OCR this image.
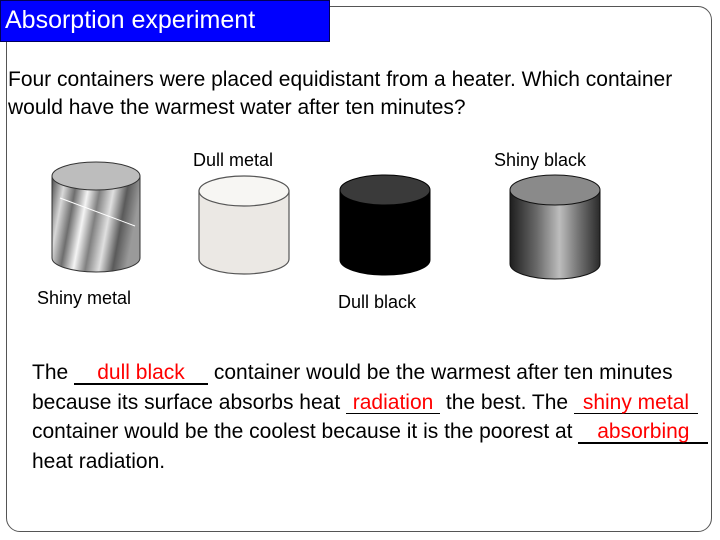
Absorption experiment
Four containers were placed equidistant from a heater. Which container would have the warmest water after ten minutes?
Dull metal	Shiny black
Shiny metal	Dull black
The dull black container would be the warmest after ten minutes because its surface absorbs heat radiation the best. The shiny metal container would be the coolest because it is the poorest at absorbing heat radiation.
